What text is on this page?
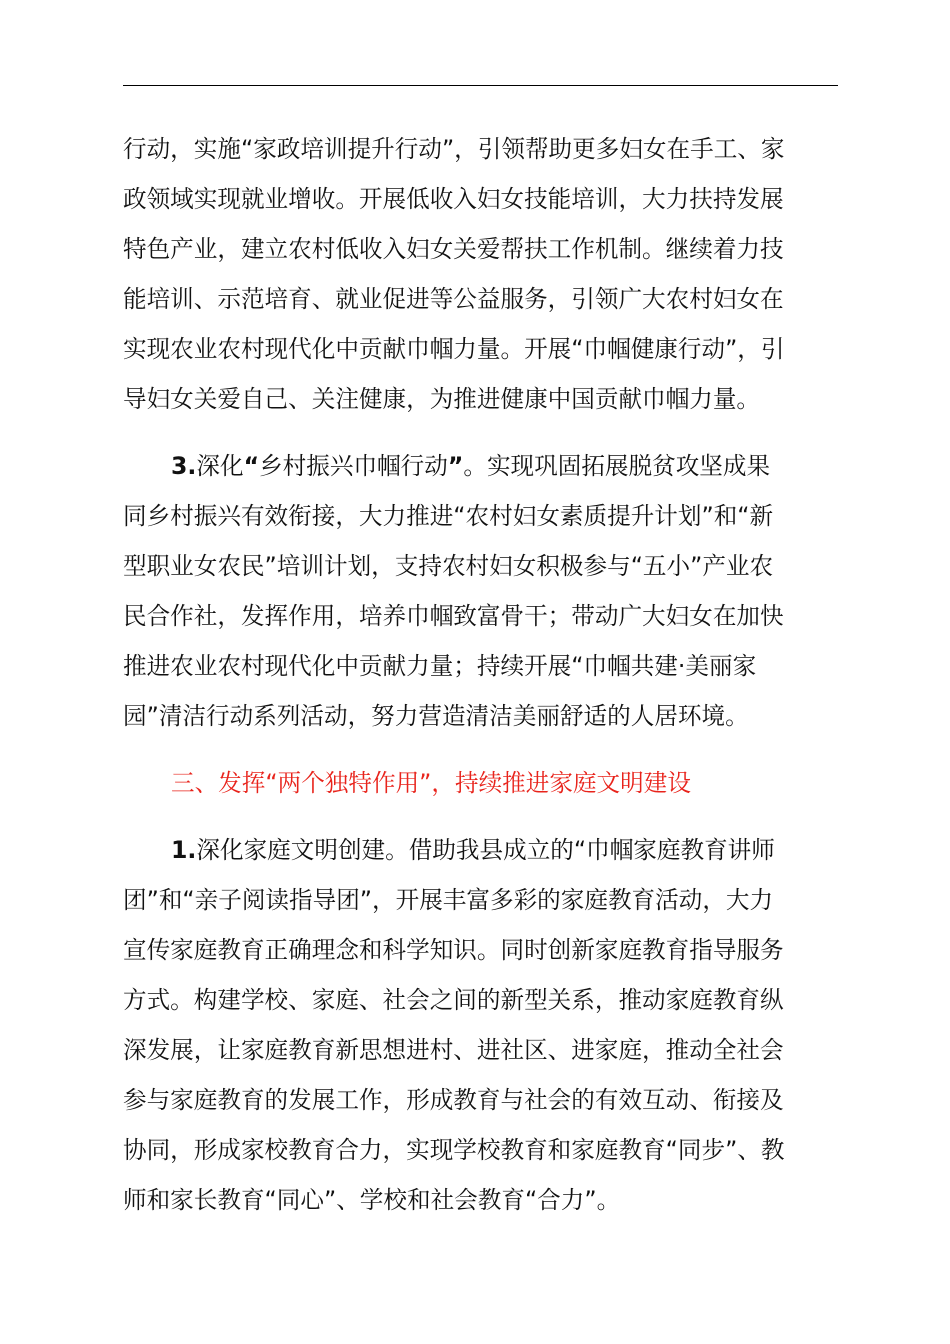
行动，实施“家政培训提升行动”，引领帮助更多妇女在手工、家
政领域实现就业增收。开展低收入妇女技能培训，大力扶持发展
特色产业，建立农村低收入妇女关爱帮扶工作机制。继续着力技
能培训、示范培育、就业促进等公益服务，引领广大农村妇女在
实现农业农村现代化中贡献巾帼力量。开展“巾帼健康行动”，引
导妇女关爱自己、关注健康，为推进健康中国贡献巾帼力量。
3.深化“乡村振兴巾帼行动”。实现巩固拓展脱贫攻坚成果
同乡村振兴有效衔接，大力推进“农村妇女素质提升计划”和“新
型职业女农民”培训计划，支持农村妇女积极参与“五小”产业农
民合作社，发挥作用，培养巾帼致富骨干；带动广大妇女在加快
推进农业农村现代化中贡献力量；持续开展“巾帼共建·美丽家
园”清洁行动系列活动，努力营造清洁美丽舒适的人居环境。
三、发挥“两个独特作用”，持续推进家庭文明建设
1.深化家庭文明创建。借助我县成立的“巾帼家庭教育讲师
团”和“亲子阅读指导团”，开展丰富多彩的家庭教育活动，大力
宣传家庭教育正确理念和科学知识。同时创新家庭教育指导服务
方式。构建学校、家庭、社会之间的新型关系，推动家庭教育纵
深发展，让家庭教育新思想进村、进社区、进家庭，推动全社会
参与家庭教育的发展工作，形成教育与社会的有效互动、衔接及
协同，形成家校教育合力，实现学校教育和家庭教育“同步”、教
师和家长教育“同心”、学校和社会教育“合力”。
